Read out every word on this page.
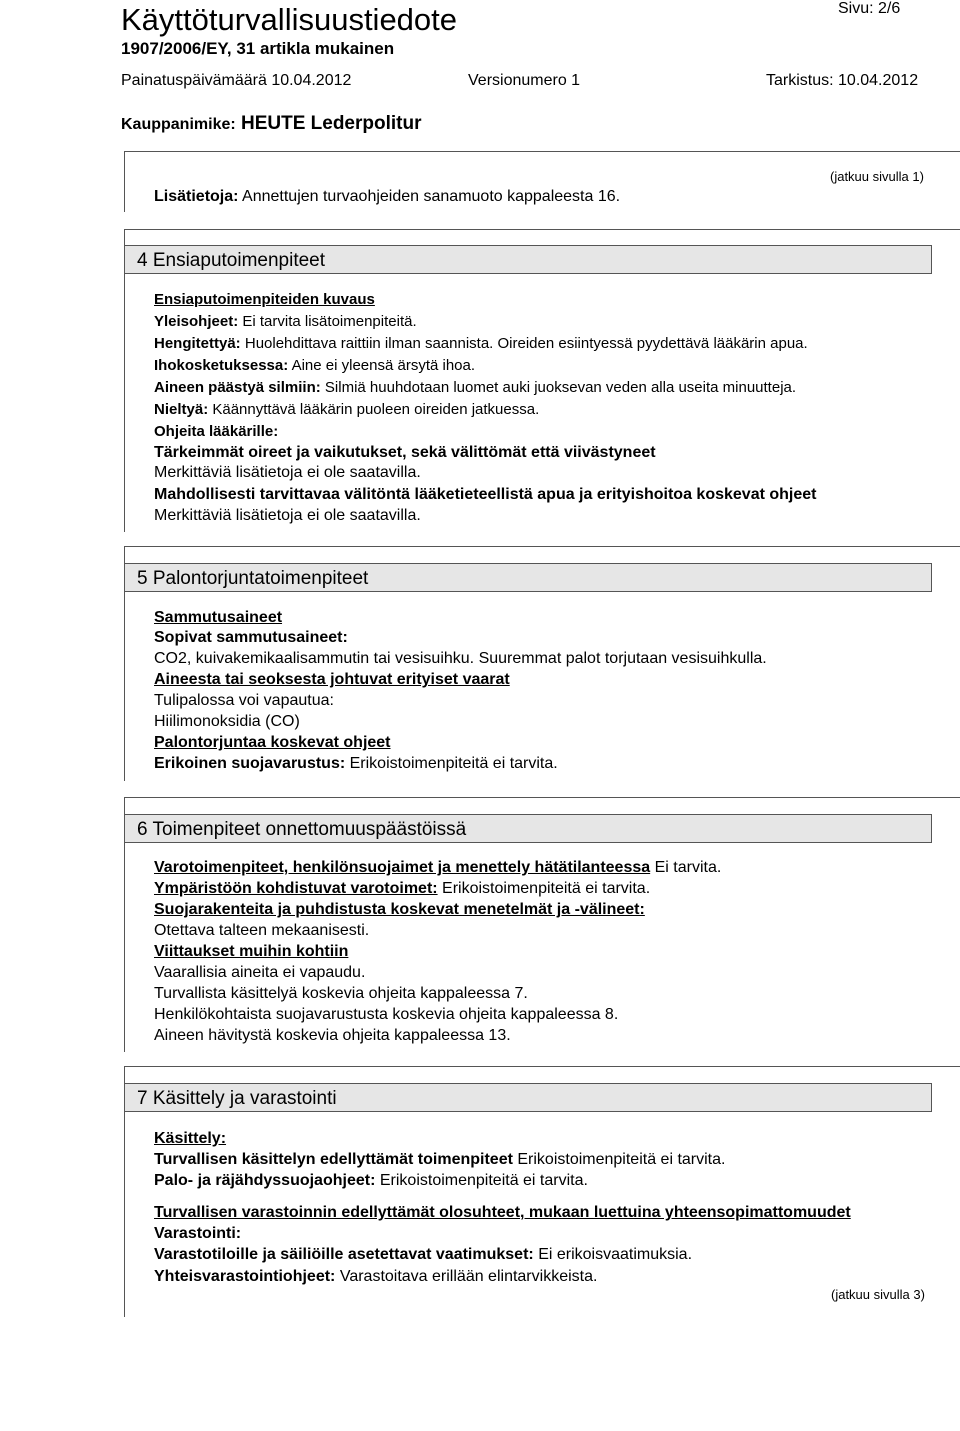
Käyttöturvallisuustiedote
1907/2006/EY, 31 artikla mukainen
Sivu: 2/6
Painatuspäivämäärä 10.04.2012	Versionumero 1	Tarkistus: 10.04.2012
Kauppanimike: HEUTE Lederpolitur
(jatkuu sivulla 1)
Lisätietoja: Annettujen turvaohjeiden sanamuoto kappaleesta 16.
4 Ensiaputoimenpiteet
Ensiaputoimenpiteiden kuvaus
Yleisohjeet: Ei tarvita lisätoimenpiteitä.
Hengitettyä: Huolehdittava raittiin ilman saannista. Oireiden esiintyessä pyydettävä lääkärin apua.
Ihokosketuksessa: Aine ei yleensä ärsytä ihoa.
Aineen päästyä silmiin: Silmiä huuhdotaan luomet auki juoksevan veden alla useita minuutteja.
Nieltyä: Käännyttävä lääkärin puoleen oireiden jatkuessa.
Ohjeita lääkärille:
Tärkeimmät oireet ja vaikutukset, sekä välittömät että viivästyneet
Merkittäviä lisätietoja ei ole saatavilla.
Mahdollisesti tarvittavaa välitöntä lääketieteellistä apua ja erityishoitoa koskevat ohjeet
Merkittäviä lisätietoja ei ole saatavilla.
5 Palontorjuntatoimenpiteet
Sammutusaineet
Sopivat sammutusaineet:
CO2, kuivakemikaalisammutin tai vesisuihku. Suuremmat palot torjutaan vesisuihkulla.
Aineesta tai seoksesta johtuvat erityiset vaarat
Tulipalossa voi vapautua:
Hiilimonoksidia (CO)
Palontorjuntaa koskevat ohjeet
Erikoinen suojavarustus: Erikoistoimenpiteitä ei tarvita.
6 Toimenpiteet onnettomuuspäästöissä
Varotoimenpiteet, henkilönsuojaimet ja menettely hätätilanteessa Ei tarvita.
Ympäristöön kohdistuvat varotoimet: Erikoistoimenpiteitä ei tarvita.
Suojarakenteita ja puhdistusta koskevat menetelmät ja -välineet:
Otettava talteen mekaanisesti.
Viittaukset muihin kohtiin
Vaarallisia aineita ei vapaudu.
Turvallista käsittelyä koskevia ohjeita kappaleessa 7.
Henkilökohtaista suojavarustusta koskevia ohjeita kappaleessa 8.
Aineen hävitystä koskevia ohjeita kappaleessa 13.
7 Käsittely ja varastointi
Käsittely:
Turvallisen käsittelyn edellyttämät toimenpiteet Erikoistoimenpiteitä ei tarvita.
Palo- ja räjähdyssuojaohjeet: Erikoistoimenpiteitä ei tarvita.
Turvallisen varastoinnin edellyttämät olosuhteet, mukaan luettuina yhteensopimattomuudet
Varastointi:
Varastotiloille ja säiliöille asetettavat vaatimukset: Ei erikoisvaatimuksia.
Yhteisvarastointiohjeet: Varastoitava erillään elintarvikkeista.
(jatkuu sivulla 3)
